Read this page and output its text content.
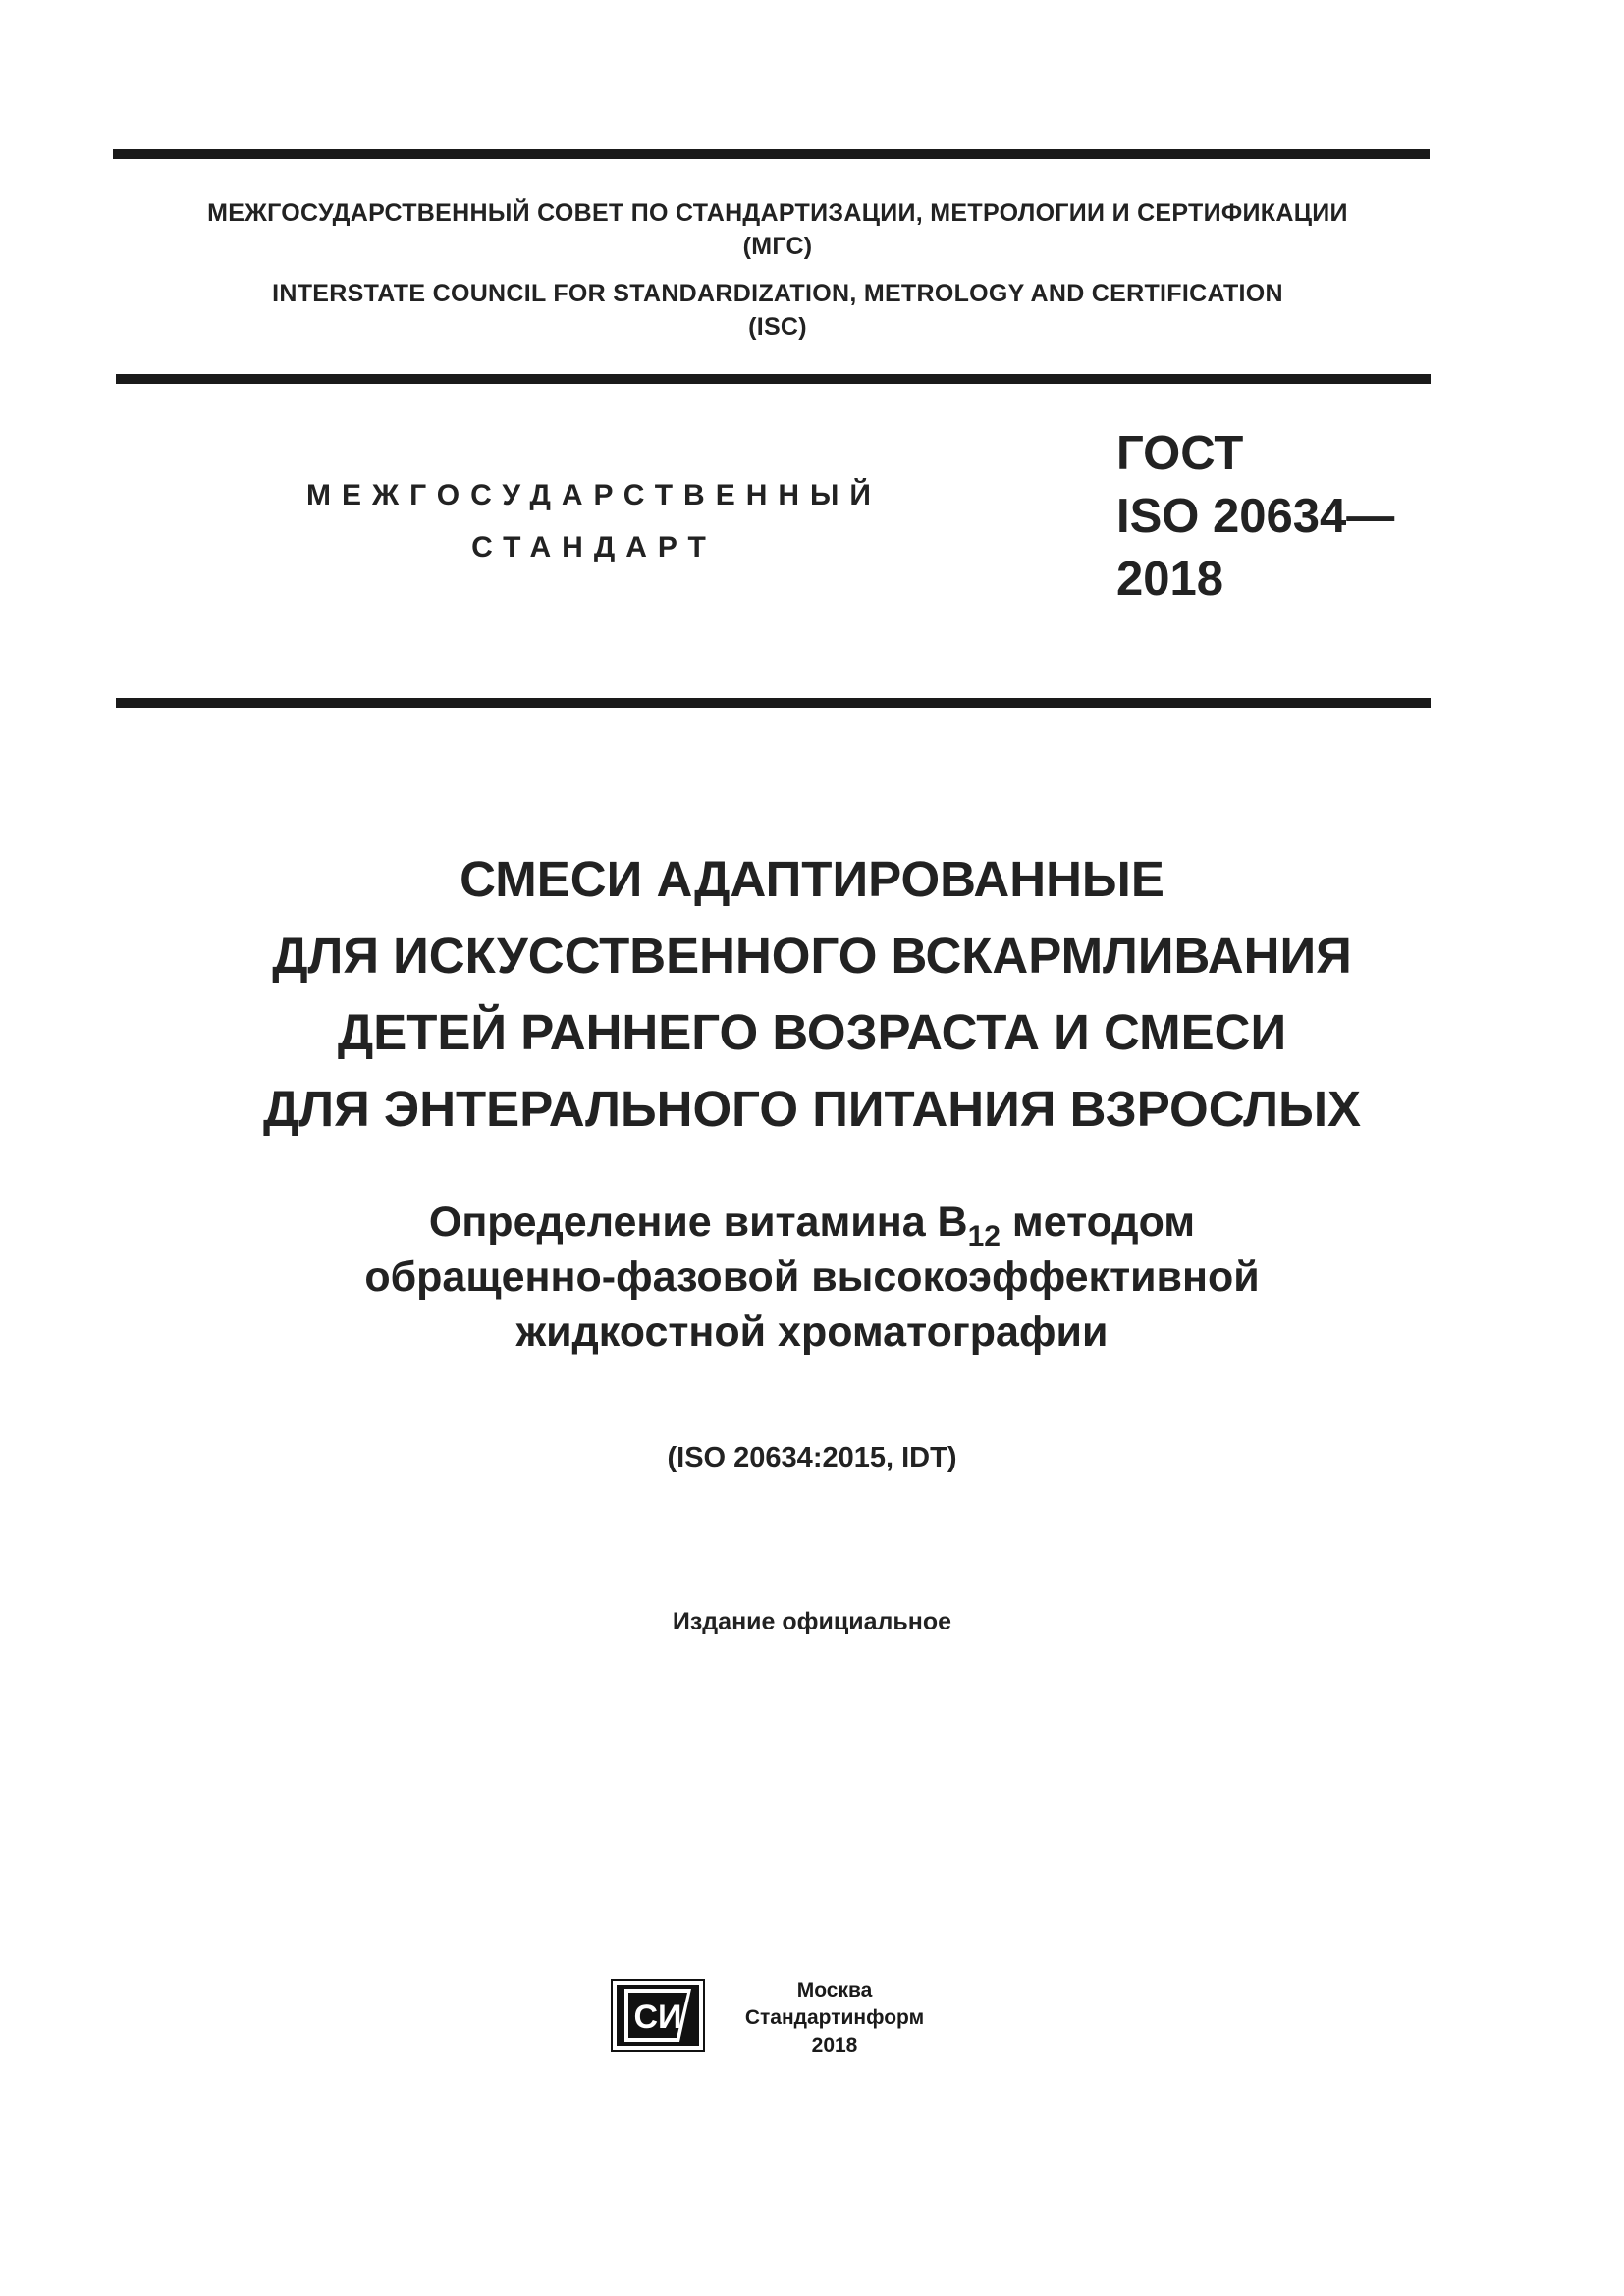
МЕЖГОСУДАРСТВЕННЫЙ СОВЕТ ПО СТАНДАРТИЗАЦИИ, МЕТРОЛОГИИ И СЕРТИФИКАЦИИ
(МГС)
INTERSTATE COUNCIL FOR STANDARDIZATION, METROLOGY AND CERTIFICATION
(ISC)
МЕЖГОСУДАРСТВЕННЫЙ
СТАНДАРТ
ГОСТ
ISO 20634—
2018
СМЕСИ АДАПТИРОВАННЫЕ
ДЛЯ ИСКУССТВЕННОГО ВСКАРМЛИВАНИЯ
ДЕТЕЙ РАННЕГО ВОЗРАСТА И СМЕСИ
ДЛЯ ЭНТЕРАЛЬНОГО ПИТАНИЯ ВЗРОСЛЫХ
Определение витамина $B_{12}$ методом
обращенно-фазовой высокоэффективной
жидкостной хроматографии
(ISO 20634:2015, IDT)
Издание официальное
СИ
Москва
Стандартинформ
2018
